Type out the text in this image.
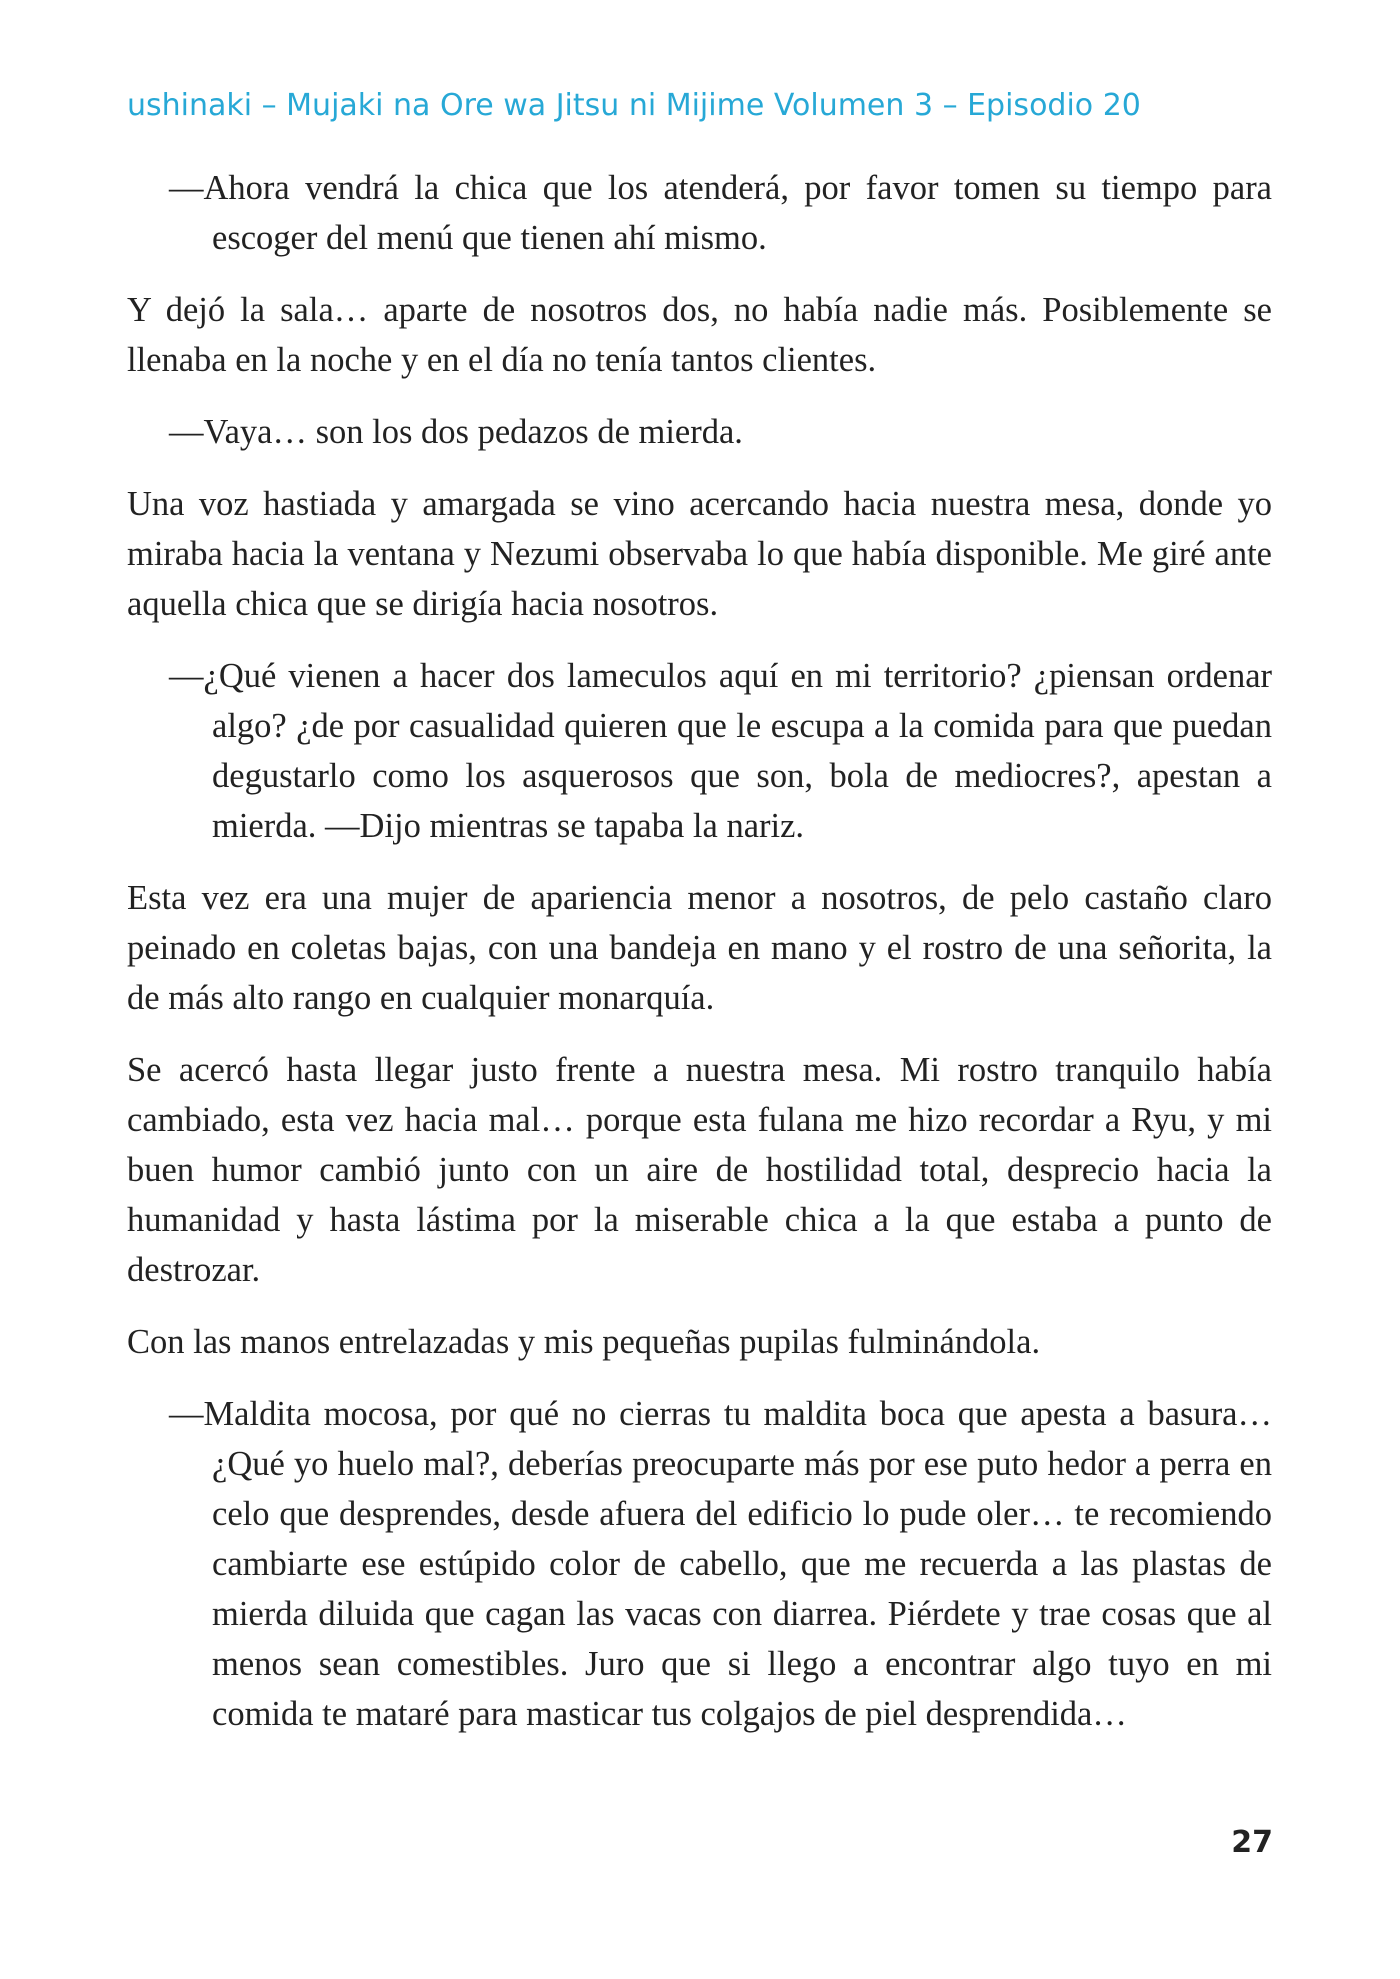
ushinaki – Mujaki na Ore wa Jitsu ni Mijime Volumen 3 – Episodio 20

—Ahora vendrá la chica que los atenderá, por favor tomen su tiempo para escoger del menú que tienen ahí mismo.

Y dejó la sala… aparte de nosotros dos, no había nadie más. Posiblemente se llenaba en la noche y en el día no tenía tantos clientes.

—Vaya… son los dos pedazos de mierda.

Una voz hastiada y amargada se vino acercando hacia nuestra mesa, donde yo miraba hacia la ventana y Nezumi observaba lo que había disponible. Me giré ante aquella chica que se dirigía hacia nosotros.

—¿Qué vienen a hacer dos lameculos aquí en mi territorio? ¿piensan ordenar algo? ¿de por casualidad quieren que le escupa a la comida para que puedan degustarlo como los asquerosos que son, bola de mediocres?, apestan a mierda. —Dijo mientras se tapaba la nariz.

Esta vez era una mujer de apariencia menor a nosotros, de pelo castaño claro peinado en coletas bajas, con una bandeja en mano y el rostro de una señorita, la de más alto rango en cualquier monarquía.

Se acercó hasta llegar justo frente a nuestra mesa. Mi rostro tranquilo había cambiado, esta vez hacia mal… porque esta fulana me hizo recordar a Ryu, y mi buen humor cambió junto con un aire de hostilidad total, desprecio hacia la humanidad y hasta lástima por la miserable chica a la que estaba a punto de destrozar.

Con las manos entrelazadas y mis pequeñas pupilas fulminándola.

—Maldita mocosa, por qué no cierras tu maldita boca que apesta a basura… ¿Qué yo huelo mal?, deberías preocuparte más por ese puto hedor a perra en celo que desprendes, desde afuera del edificio lo pude oler… te recomiendo cambiarte ese estúpido color de cabello, que me recuerda a las plastas de mierda diluida que cagan las vacas con diarrea. Piérdete y trae cosas que al menos sean comestibles. Juro que si llego a encontrar algo tuyo en mi comida te mataré para masticar tus colgajos de piel desprendida…

27
